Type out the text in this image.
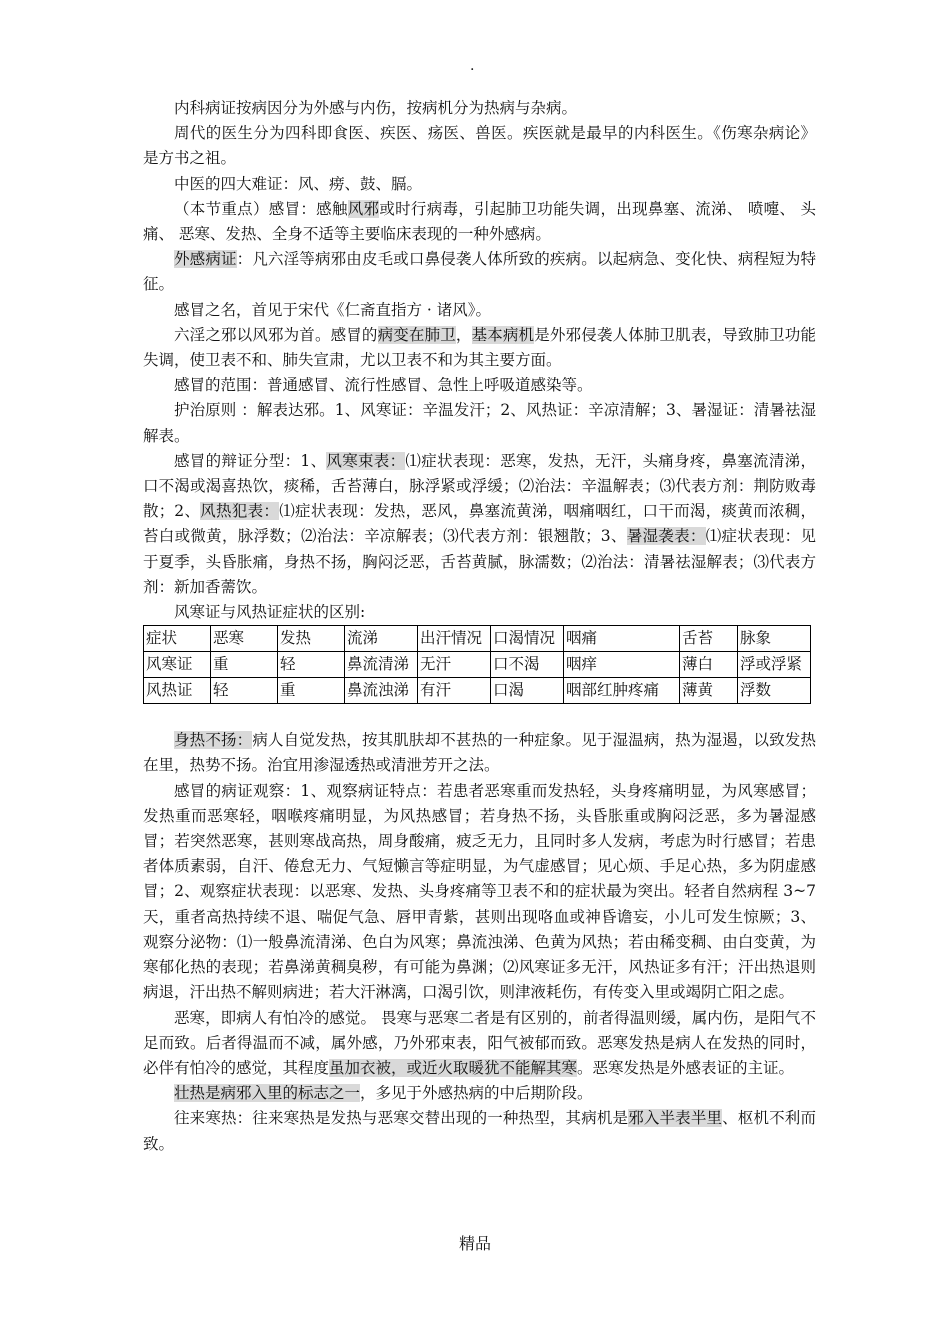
.

内科病证按病因分为外感与内伤，按病机分为热病与杂病。

周代的医生分为四科即食医、疾医、疡医、兽医。疾医就是最早的内科医生。《伤寒杂病论》是方书之祖。

中医的四大难证：风、痨、鼓、膈。

（本节重点）感冒：感触风邪或时行病毒，引起肺卫功能失调，出现鼻塞、流涕、 喷嚏、 头痛、 恶寒、发热、全身不适等主要临床表现的一种外感病。

外感病证：凡六淫等病邪由皮毛或口鼻侵袭人体所致的疾病。以起病急、变化快、病程短为特征。

感冒之名，首见于宋代《仁斋直指方 · 诸风》。

六淫之邪以风邪为首。感冒的病变在肺卫，基本病机是外邪侵袭人体肺卫肌表，导致肺卫功能失调，使卫表不和、肺失宣肃，尤以卫表不和为其主要方面。

感冒的范围：普通感冒、流行性感冒、急性上呼吸道感染等。

护治原则 ：解表达邪。1、风寒证：辛温发汗；2、风热证：辛凉清解；3、暑湿证：清暑祛湿解表。

感冒的辩证分型：1、风寒束表：⑴症状表现：恶寒，发热，无汗，头痛身疼，鼻塞流清涕，口不渴或渴喜热饮，痰稀，舌苔薄白，脉浮紧或浮缓；⑵治法：辛温解表；⑶代表方剂：荆防败毒散；2、风热犯表：⑴症状表现：发热，恶风，鼻塞流黄涕，咽痛咽红，口干而渴，痰黄而浓稠，苔白或微黄，脉浮数；⑵治法：辛凉解表；⑶代表方剂：银翘散；3、暑湿袭表：⑴症状表现：见于夏季，头昏胀痛，身热不扬，胸闷泛恶，舌苔黄腻，脉濡数；⑵治法：清暑祛湿解表；⑶代表方剂：新加香薷饮。

风寒证与风热证症状的区别:

症状	恶寒	发热	流涕	出汗情况	口渴情况	咽痛	舌苔	脉象
风寒证	重	轻	鼻流清涕	无汗	口不渴	咽痒	薄白	浮或浮紧
风热证	轻	重	鼻流浊涕	有汗	口渴	咽部红肿疼痛	薄黄	浮数

身热不扬：病人自觉发热，按其肌肤却不甚热的一种症象。见于湿温病，热为湿遏，以致发热在里，热势不扬。治宜用渗湿透热或清泄芳开之法。

感冒的病证观察：1、观察病证特点：若患者恶寒重而发热轻，头身疼痛明显，为风寒感冒；发热重而恶寒轻，咽喉疼痛明显，为风热感冒；若身热不扬，头昏胀重或胸闷泛恶，多为暑湿感冒；若突然恶寒，甚则寒战高热，周身酸痛，疲乏无力，且同时多人发病，考虑为时行感冒；若患者体质素弱，自汗、倦怠无力、气短懒言等症明显，为气虚感冒；见心烦、手足心热，多为阴虚感冒；2、观察症状表现：以恶寒、发热、头身疼痛等卫表不和的症状最为突出。轻者自然病程 3~7 天，重者高热持续不退、喘促气急、唇甲青紫，甚则出现咯血或神昏谵妄，小儿可发生惊厥；3、观察分泌物：⑴一般鼻流清涕、色白为风寒；鼻流浊涕、色黄为风热；若由稀变稠、由白变黄，为寒郁化热的表现；若鼻涕黄稠臭秽，有可能为鼻渊；⑵风寒证多无汗，风热证多有汗；汗出热退则病退，汗出热不解则病进；若大汗淋漓，口渴引饮，则津液耗伤，有传变入里或竭阴亡阳之虑。

恶寒，即病人有怕冷的感觉。 畏寒与恶寒二者是有区别的，前者得温则缓，属内伤，是阳气不足而致。后者得温而不减，属外感，乃外邪束表，阳气被郁而致。恶寒发热是病人在发热的同时，必伴有怕冷的感觉，其程度虽加衣被，或近火取暖犹不能解其寒。恶寒发热是外感表证的主证。

壮热是病邪入里的标志之一，多见于外感热病的中后期阶段。

往来寒热：往来寒热是发热与恶寒交替出现的一种热型，其病机是邪入半表半里、枢机不利而致。

精品
